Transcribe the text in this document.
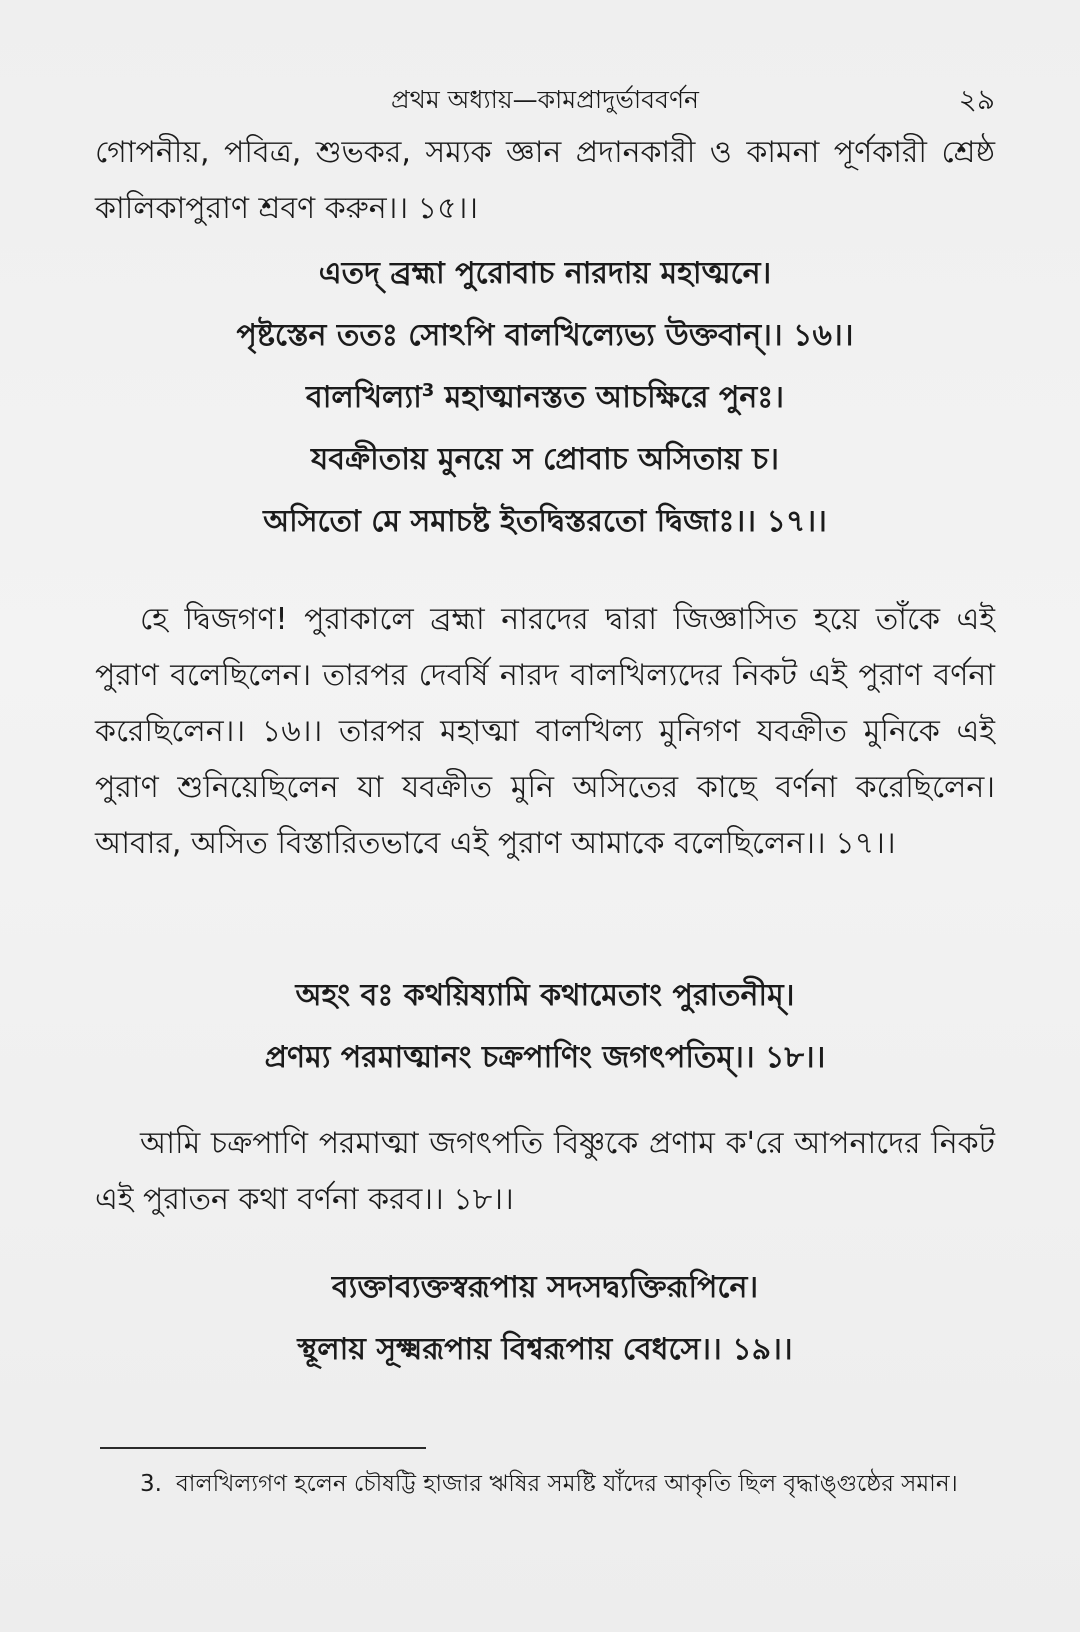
প্রথম অধ্যায়—কামপ্রাদুর্ভাববর্ণন	২৯

গোপনীয়, পবিত্র, শুভকর, সম্যক জ্ঞান প্রদানকারী ও কামনা পূর্ণকারী শ্রেষ্ঠ কালিকাপুরাণ শ্রবণ করুন।। ১৫।।

এতদ্ ব্রহ্মা পুরোবাচ নারদায় মহাত্মনে।
পৃষ্টস্তেন ততঃ সোঽপি বালখিল্যেভ্য উক্তবান্।। ১৬।।
বালখিল্যা$^3$ মহাত্মানস্তত আচক্ষিরে পুনঃ।
যবক্রীতায় মুনয়ে স প্রোবাচ অসিতায় চ।
অসিতো মে সমাচষ্ট ইতদ্বিস্তরতো দ্বিজাঃ।। ১৭।।

হে দ্বিজগণ! পুরাকালে ব্রহ্মা নারদের দ্বারা জিজ্ঞাসিত হয়ে তাঁকে এই পুরাণ বলেছিলেন। তারপর দেবর্ষি নারদ বালখিল্যদের নিকট এই পুরাণ বর্ণনা করেছিলেন।। ১৬।। তারপর মহাত্মা বালখিল্য মুনিগণ যবক্রীত মুনিকে এই পুরাণ শুনিয়েছিলেন যা যবক্রীত মুনি অসিতের কাছে বর্ণনা করেছিলেন। আবার, অসিত বিস্তারিতভাবে এই পুরাণ আমাকে বলেছিলেন।। ১৭।।

অহং বঃ কথয়িষ্যামি কথামেতাং পুরাতনীম্।
প্রণম্য পরমাত্মানং চক্রপাণিং জগৎপতিম্।। ১৮।।

আমি চক্রপাণি পরমাত্মা জগৎপতি বিষ্ণুকে প্রণাম ক'রে আপনাদের নিকট এই পুরাতন কথা বর্ণনা করব।। ১৮।।

ব্যক্তাব্যক্তস্বরূপায় সদসদ্ব্যক্তিরূপিনে।
স্থূলায় সূক্ষ্মরূপায় বিশ্বরূপায় বেধসে।। ১৯।।
3. বালখিল্যগণ হলেন চৌষট্টি হাজার ঋষির সমষ্টি যাঁদের আকৃতি ছিল বৃদ্ধাঙ্গুষ্ঠের সমান।
